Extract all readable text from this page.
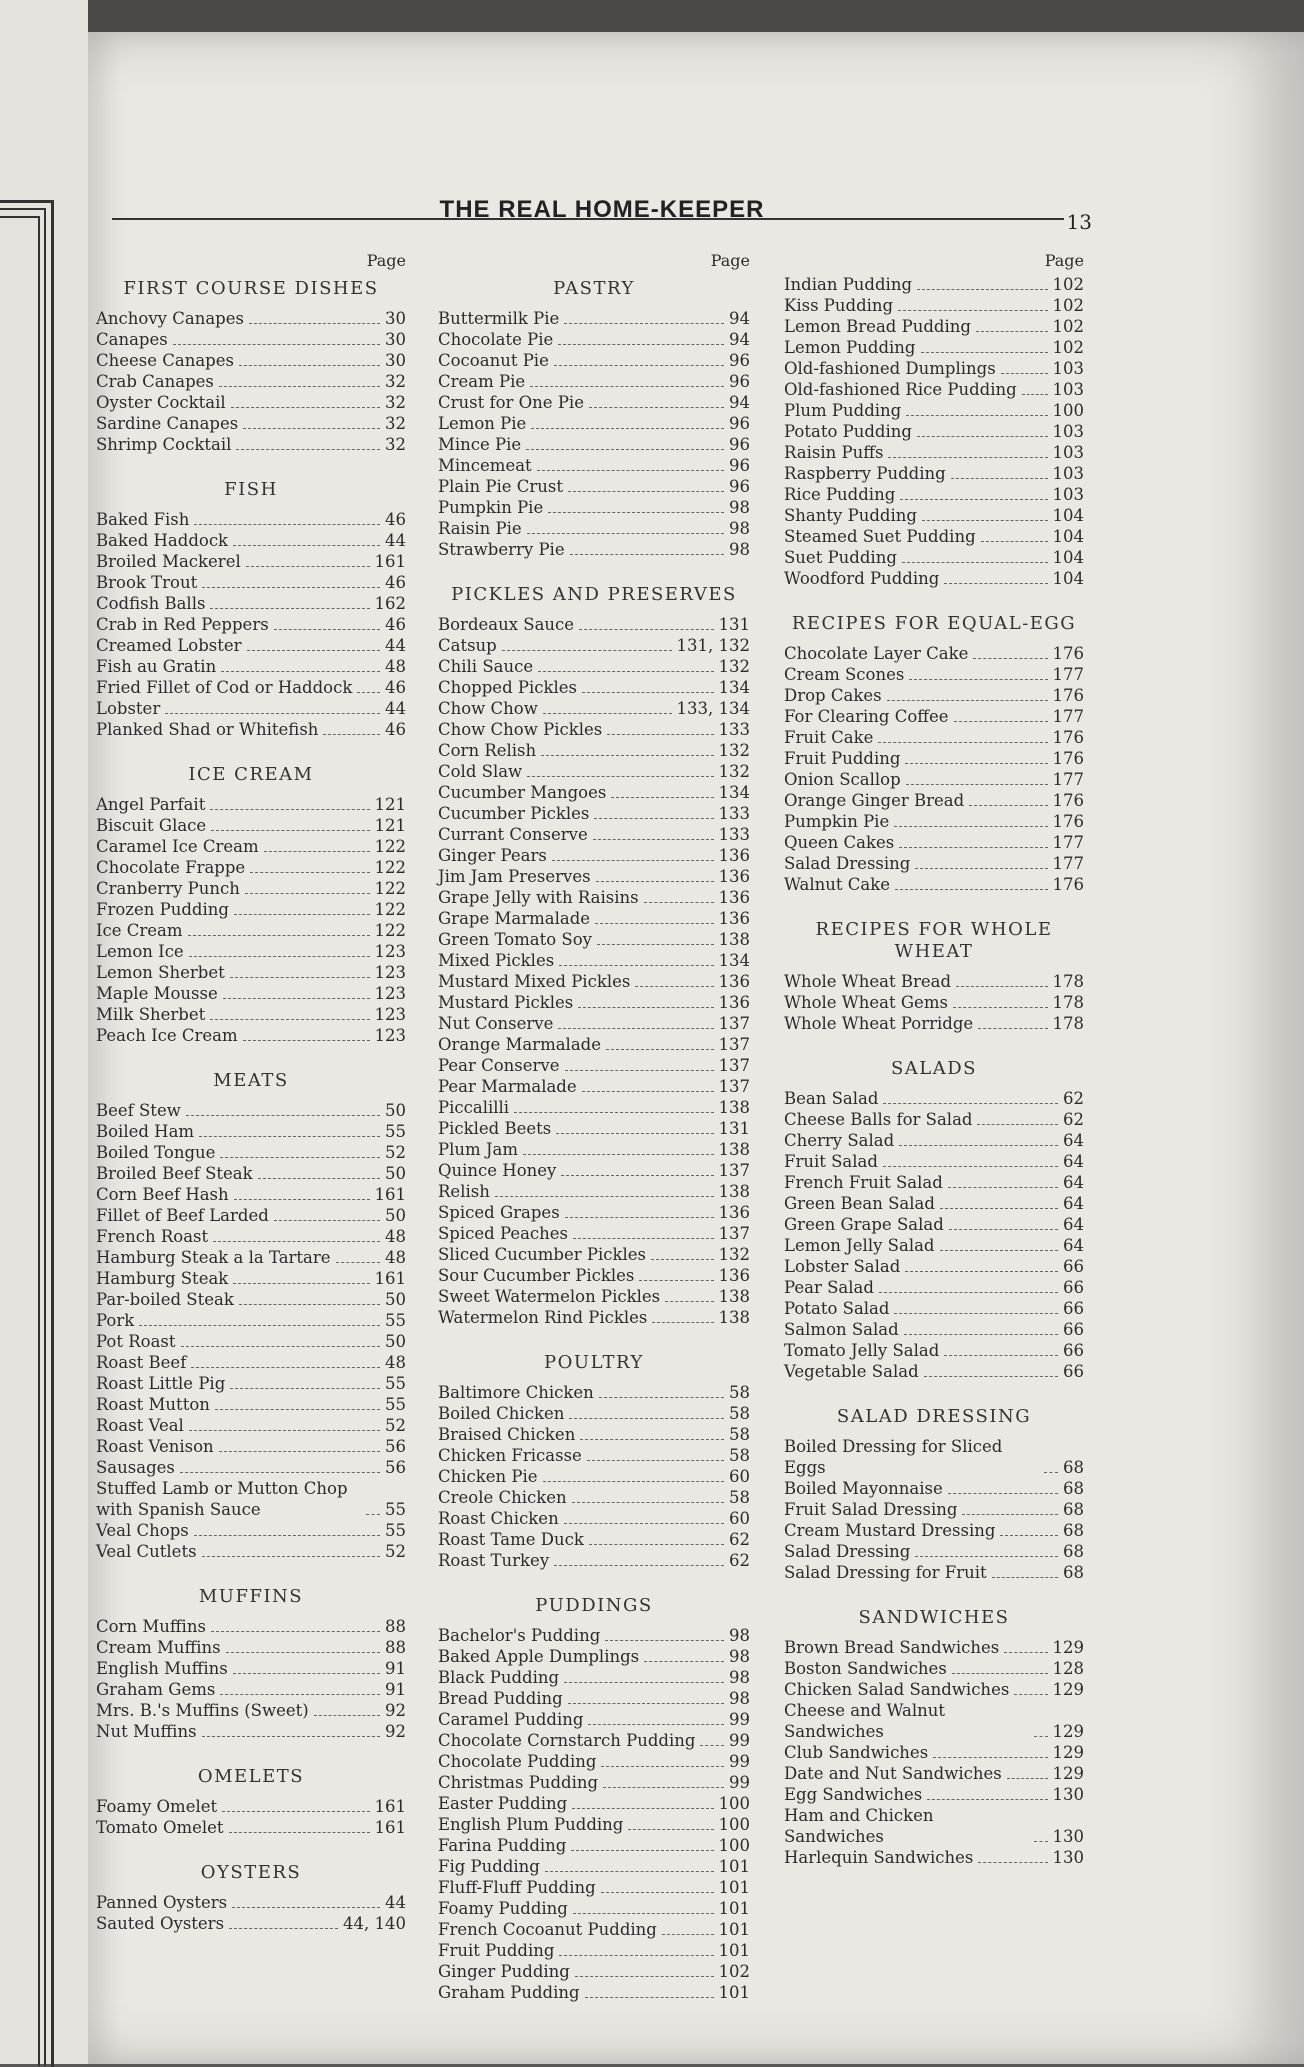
THE REAL HOME-KEEPER	13
Page
FIRST COURSE DISHES
Anchovy Canapes	30
Canapes	30
Cheese Canapes	30
Crab Canapes	32
Oyster Cocktail	32
Sardine Canapes	32
Shrimp Cocktail	32
FISH
Baked Fish	46
Baked Haddock	44
Broiled Mackerel	161
Brook Trout	46
Codfish Balls	162
Crab in Red Peppers	46
Creamed Lobster	44
Fish au Gratin	48
Fried Fillet of Cod or Haddock 46
Lobster	44
Planked Shad or Whitefish	46
ICE CREAM
Angel Parfait	121
Biscuit Glace	121
Caramel Ice Cream	122
Chocolate Frappe	122
Cranberry Punch	122
Frozen Pudding	122
Ice Cream	122
Lemon Ice	123
Lemon Sherbet	123
Maple Mousse	123
Milk Sherbet	123
Peach Ice Cream	123
MEATS
Beef Stew	50
Boiled Ham	55
Boiled Tongue	52
Broiled Beef Steak	50
Corn Beef Hash	161
Fillet of Beef Larded	50
French Roast	48
Hamburg Steak a la Tartare	48
Hamburg Steak	161
Par-boiled Steak	50
Pork	55
Pot Roast	50
Roast Beef	48
Roast Little Pig	55
Roast Mutton	55
Roast Veal	52
Roast Venison	56
Sausages	56
Stuffed Lamb or Mutton Chop with Spanish Sauce	55
Veal Chops	55
Veal Cutlets	52
MUFFINS
Corn Muffins	88
Cream Muffins	88
English Muffins	91
Graham Gems	91
Mrs. B.'s Muffins (Sweet)	92
Nut Muffins	92
OMELETS
Foamy Omelet	161
Tomato Omelet	161
OYSTERS
Panned Oysters	44
Sauted Oysters	44, 140
Page
PASTRY
Buttermilk Pie	94
Chocolate Pie	94
Cocoanut Pie	96
Cream Pie	96
Crust for One Pie	94
Lemon Pie	96
Mince Pie	96
Mincemeat	96
Plain Pie Crust	96
Pumpkin Pie	98
Raisin Pie	98
Strawberry Pie	98
PICKLES AND PRESERVES
Bordeaux Sauce	131
Catsup	131, 132
Chili Sauce	132
Chopped Pickles	134
Chow Chow	133, 134
Chow Chow Pickles	133
Corn Relish	132
Cold Slaw	132
Cucumber Mangoes	134
Cucumber Pickles	133
Currant Conserve	133
Ginger Pears	136
Jim Jam Preserves	136
Grape Jelly with Raisins	136
Grape Marmalade	136
Green Tomato Soy	138
Mixed Pickles	134
Mustard Mixed Pickles	136
Mustard Pickles	136
Nut Conserve	137
Orange Marmalade	137
Pear Conserve	137
Pear Marmalade	137
Piccalilli	138
Pickled Beets	131
Plum Jam	138
Quince Honey	137
Relish	138
Spiced Grapes	136
Spiced Peaches	137
Sliced Cucumber Pickles	132
Sour Cucumber Pickles	136
Sweet Watermelon Pickles	138
Watermelon Rind Pickles	138
POULTRY
Baltimore Chicken	58
Boiled Chicken	58
Braised Chicken	58
Chicken Fricasse	58
Chicken Pie	60
Creole Chicken	58
Roast Chicken	60
Roast Tame Duck	62
Roast Turkey	62
PUDDINGS
Bachelor's Pudding	98
Baked Apple Dumplings	98
Black Pudding	98
Bread Pudding	98
Caramel Pudding	99
Chocolate Cornstarch Pudding 99
Chocolate Pudding	99
Christmas Pudding	99
Easter Pudding	100
English Plum Pudding	100
Farina Pudding	100
Fig Pudding	101
Fluff-Fluff Pudding	101
Foamy Pudding	101
French Cocoanut Pudding	101
Fruit Pudding	101
Ginger Pudding	102
Graham Pudding	101
Page
Indian Pudding	102
Kiss Pudding	102
Lemon Bread Pudding	102
Lemon Pudding	102
Old-fashioned Dumplings	103
Old-fashioned Rice Pudding 103
Plum Pudding	100
Potato Pudding	103
Raisin Puffs	103
Raspberry Pudding	103
Rice Pudding	103
Shanty Pudding	104
Steamed Suet Pudding	104
Suet Pudding	104
Woodford Pudding	104
RECIPES FOR EQUAL-EGG
Chocolate Layer Cake	176
Cream Scones	177
Drop Cakes	176
For Clearing Coffee	177
Fruit Cake	176
Fruit Pudding	176
Onion Scallop	177
Orange Ginger Bread	176
Pumpkin Pie	176
Queen Cakes	177
Salad Dressing	177
Walnut Cake	176
RECIPES FOR WHOLE WHEAT
Whole Wheat Bread	178
Whole Wheat Gems	178
Whole Wheat Porridge	178
SALADS
Bean Salad	62
Cheese Balls for Salad	62
Cherry Salad	64
Fruit Salad	64
French Fruit Salad	64
Green Bean Salad	64
Green Grape Salad	64
Lemon Jelly Salad	64
Lobster Salad	66
Pear Salad	66
Potato Salad	66
Salmon Salad	66
Tomato Jelly Salad	66
Vegetable Salad	66
SALAD DRESSING
Boiled Dressing for Sliced Eggs	68
Boiled Mayonnaise	68
Fruit Salad Dressing	68
Cream Mustard Dressing	68
Salad Dressing	68
Salad Dressing for Fruit	68
SANDWICHES
Brown Bread Sandwiches	129
Boston Sandwiches	128
Chicken Salad Sandwiches	129
Cheese and Walnut Sandwiches	129
Club Sandwiches	129
Date and Nut Sandwiches	129
Egg Sandwiches	130
Ham and Chicken Sandwiches	130
Harlequin Sandwiches	130
